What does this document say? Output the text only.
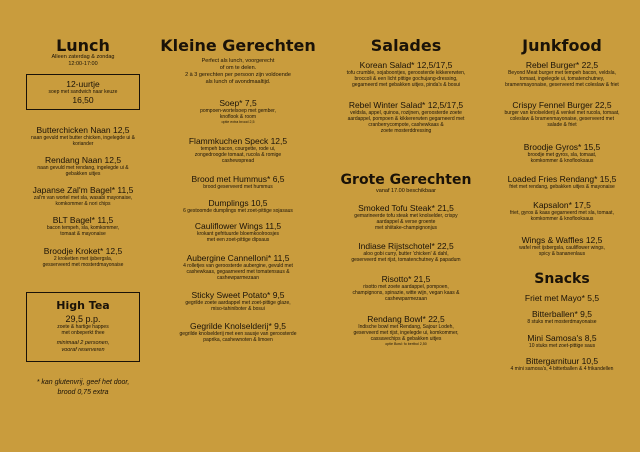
Lunch
Alleen zaterdag & zondag
12:00-17:00
12-uurtje
soep met sandwich naar keuze
16,50
Butterchicken Naan 12,5
naan gevuld met butter chicken, ingelegde ui &
koriander
Rendang Naan 12,5
naan gevuld met rendang, ingelegde ui &
gebakken uitjes
Japanse Zal'm Bagel* 11,5
zal'm van wortel met sla, wasabi mayonaise,
komkommer & nori chips
BLT Bagel* 11,5
bacon tempeh, sla, komkommer,
tomaat & mayonaise
Broodje Kroket* 12,5
2 kroketten met ijsbergsla,
gesserveerd met mosterdmayonaise
High Tea
29,5 p.p.
zoete & hartige happes
met onbeperkt thee
minimaal 2 personen,
vooraf reserveren
* kan glutenvrij, geef het door,
brood 0,75 extra
Kleine Gerechten
Perfect als lunch, voorgerecht
of om te delen.
2 à 3 gerechten per persoon zijn voldoende
als lunch of avondmaaltijd.
Soep* 7,5
pompoen-wortelsoep met gember,
knoflook & room
optie extra brood 2,5
Flammkuchen Speck 12,5
tempeh bacon, courgette, rode ui,
zongedroogde tomaat, rucola & romige
cashewspread
Brood met Hummus* 6,5
brood geserveerd met hummus
Dumplings 10,5
6 gestoomde dumplings met zoet-pittige sojasaus
Cauliflower Wings 11,5
krokant gefrituurde bloemkoolroosjes
met een zoet-pittige dipsaus
Aubergine Cannelloni* 11,5
4 rolletjes van geroosterde aubergine, gevuld met
cashewkaas, gegaarneerd met tomatensaus &
cashewparmezaan
Sticky Sweet Potato* 9,5
gegrilde zoete aardappel met zoet-pittige glaze,
miso-tahiniboter & bosui
Gegrilde Knolselderij* 9,5
gegrilde knolselderij met een sausje van geroosterde
paprika, cashewnoten & limoen
Salades
Korean Salad* 12,5/17,5
tofu crumble, sojaboontjes, geroosterde kikkererwten,
broccoli & een licht pittige gochujang-dressing,
gegarneerd met gebakken uitjes, pinda's & bosui
Rebel Winter Salad* 12,5/17,5
veldsla, appel, quinoa, rozijnen, geroosterde zoete
aardappel, pompoen & kikkererwten gegarneerd met
cranberrycompote, cashewkaas &
zoete mosterddressing
Grote Gerechten
vanaf 17.00 beschikbaar
Smoked Tofu Steak* 21,5
gemarineerde tofu steak met knolselder, crispy
aardappel & verse groente
met shiitake-champignonjus
Indiase Rijstschotel* 22,5
aloo gobi curry, butter 'chicken' & dahl,
geserveerd met rijst, tomatenchutney & papadum
Risotto* 21,5
risotto met zoete aardappel, pompoen,
champignons, spinazie, witte wijn, vegan kaas &
cashewparmezaan
Rendang Bowl* 22,5
Indische bowl met Rendang, Sajour Lodeh,
geserveerd met rijst, ingelegde ui, komkommer,
cassavechips & gebakken uitjes
optie Bowl: fo bertbol 2,50
Junkfood
Rebel Burger* 22,5
Beyond Meat burger met tempeh bacon, veldsla,
tomaat, ingelegde ui, tomatenchutney,
bramenmayonaise, geserveerd met coleslaw & friet
Crispy Fennel Burger 22,5
burger van knolselderij & venkel met rucola, tomaat,
coleslaw & bramenmayonaise, geserveerd met
salade & friet
Broodje Gyros* 15,5
broodje met gyros, sla, tomaat,
komkommer & knoflooksaus
Loaded Fries Rendang* 15,5
friet met rendang, gebakken uitjes & mayonaise
Kapsalon* 17,5
friet, gyros & kaas gegarneerd met sla, tomaat,
komkommer & knoflooksaus
Wings & Waffles 12,5
wafel met ijsbergsla, cauliflower wings,
spicy & bananenlaus
Snacks
Friet met Mayo* 5,5
Bitterballen* 9,5
8 stuks met mosterdmayonaise
Mini Samosa's 8,5
10 stuks met zoet-pittige saus
Bittergarnituur 10,5
4 mini samosa's, 4 bitterballen & 4 frikandellen
